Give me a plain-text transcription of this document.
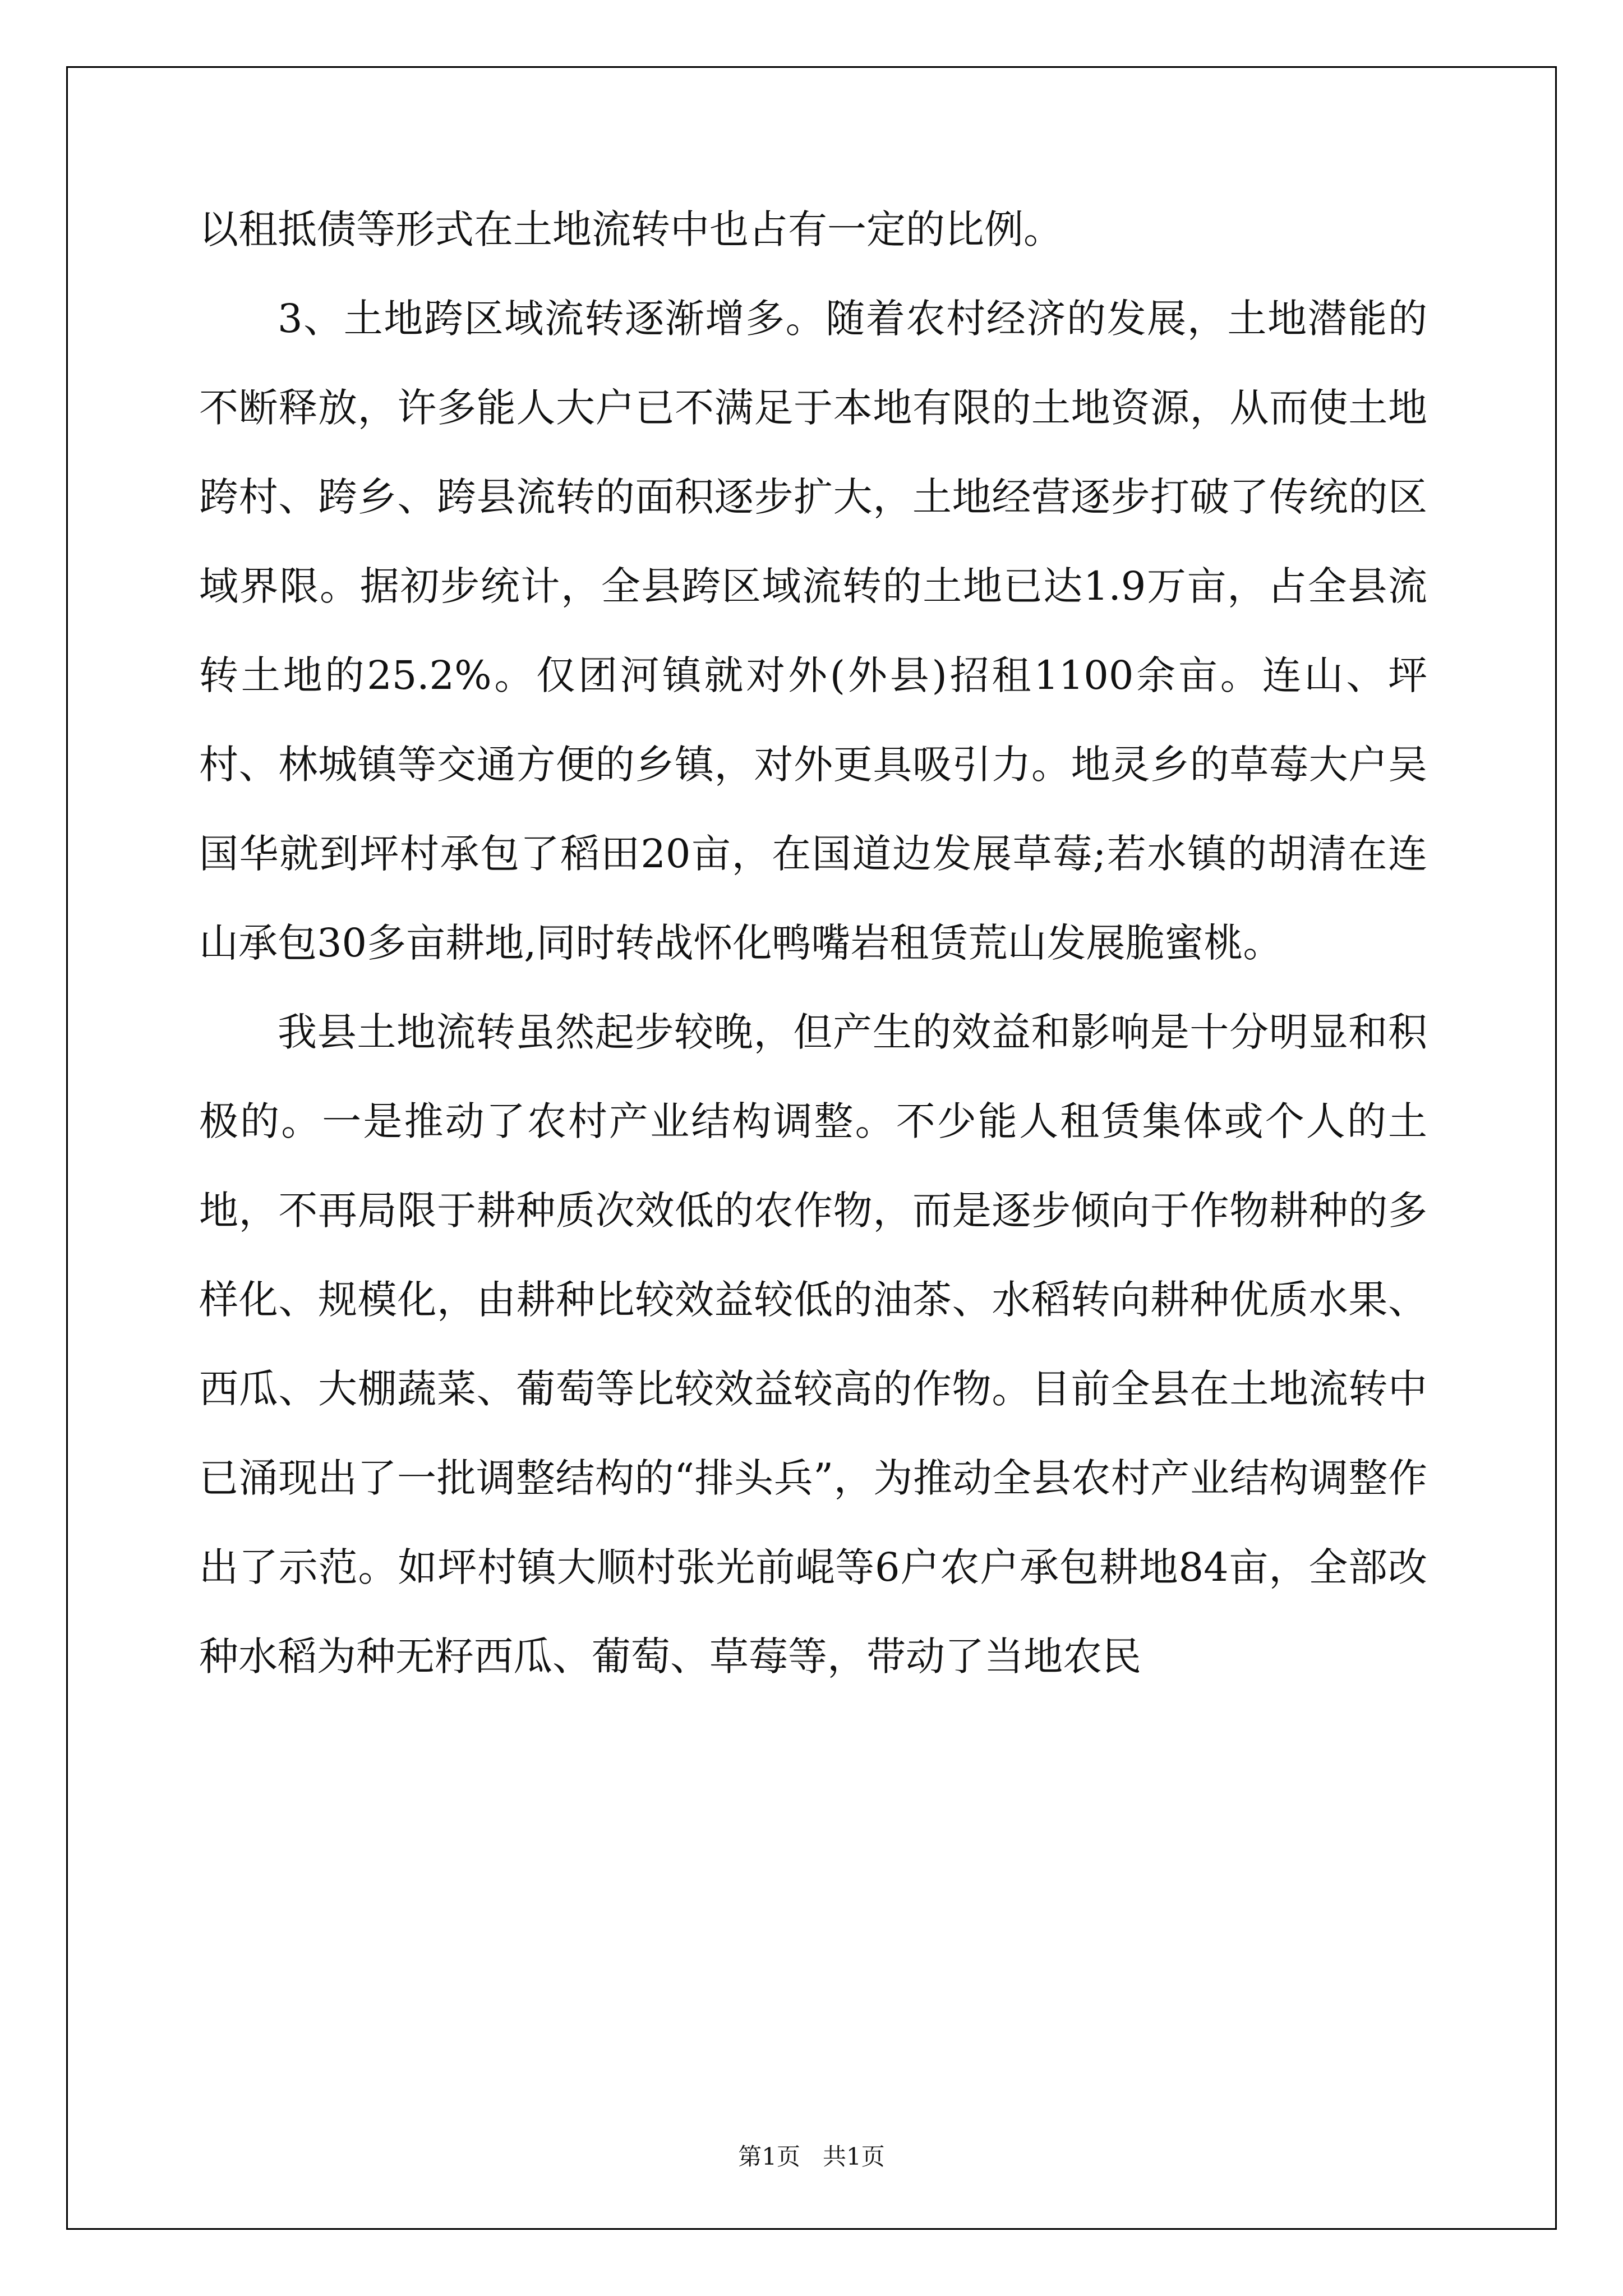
以租抵债等形式在土地流转中也占有一定的比例。

3、土地跨区域流转逐渐增多。随着农村经济的发展，土地潜能的不断释放，许多能人大户已不满足于本地有限的土地资源，从而使土地跨村、跨乡、跨县流转的面积逐步扩大，土地经营逐步打破了传统的区域界限。据初步统计，全县跨区域流转的土地已达1.9万亩，占全县流转土地的25.2%。仅团河镇就对外(外县)招租1100余亩。连山、坪村、林城镇等交通方便的乡镇，对外更具吸引力。地灵乡的草莓大户吴国华就到坪村承包了稻田20亩，在国道边发展草莓;若水镇的胡清在连山承包30多亩耕地,同时转战怀化鸭嘴岩租赁荒山发展脆蜜桃。

我县土地流转虽然起步较晚，但产生的效益和影响是十分明显和积极的。一是推动了农村产业结构调整。不少能人租赁集体或个人的土地，不再局限于耕种质次效低的农作物，而是逐步倾向于作物耕种的多样化、规模化，由耕种比较效益较低的油茶、水稻转向耕种优质水果、西瓜、大棚蔬菜、葡萄等比较效益较高的作物。目前全县在土地流转中已涌现出了一批调整结构的“排头兵”，为推动全县农村产业结构调整作出了示范。如坪村镇大顺村张光前崐等6户农户承包耕地84亩，全部改种水稻为种无籽西瓜、葡萄、草莓等，带动了当地农民

第1页   共1页
